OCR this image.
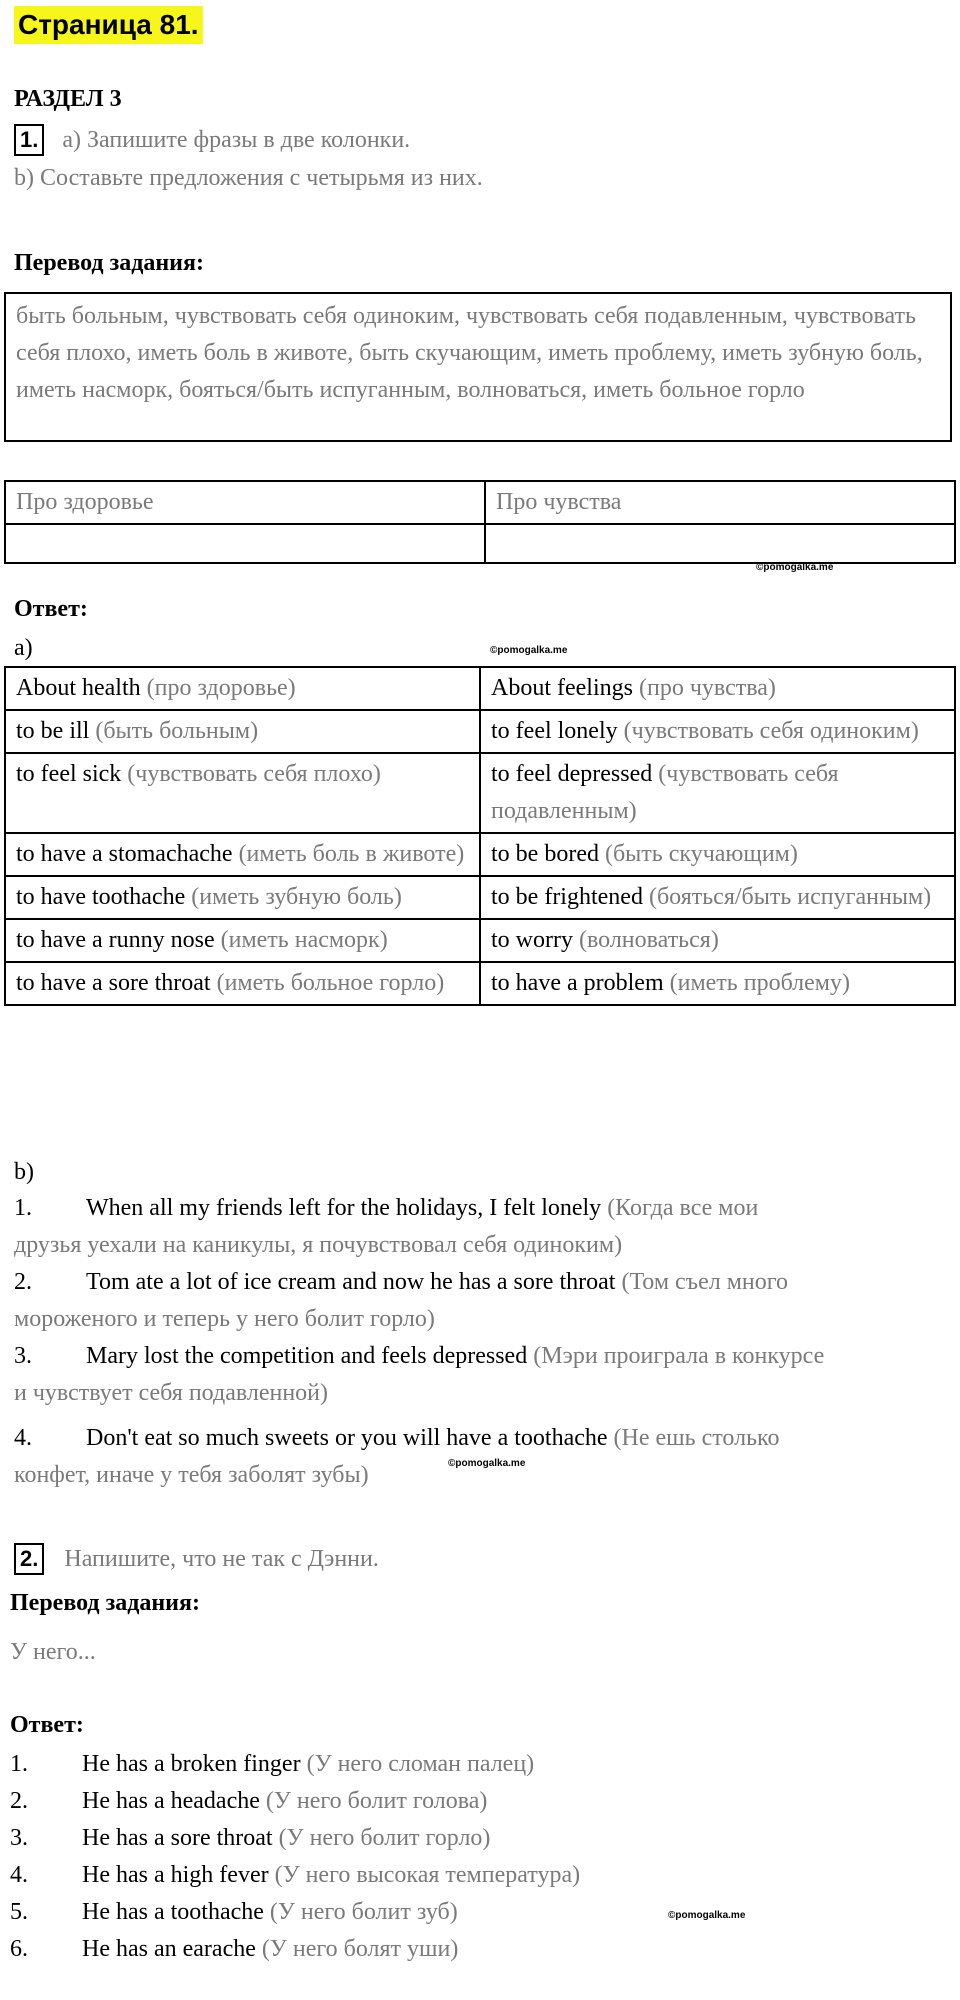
Страница 81.
РАЗДЕЛ 3
1. a) Запишите фразы в две колонки.
b) Составьте предложения с четырьмя из них.
Перевод задания:
быть больным, чувствовать себя одиноким, чувствовать себя подавленным, чувствовать себя плохо, иметь боль в животе, быть скучающим, иметь проблему, иметь зубную боль, иметь насморк, бояться/быть испуганным, волноваться, иметь больное горло
Про здоровье	Про чувства

©pomogalka.me
Ответ:
a)	©pomogalka.me
About health (про здоровье)	About feelings (про чувства)
to be ill (быть больным)	to feel lonely (чувствовать себя одиноким)
to feel sick (чувствовать себя плохо)	to feel depressed (чувствовать себя подавленным)
to have a stomachache (иметь боль в животе)	to be bored (быть скучающим)
to have toothache (иметь зубную боль)	to be frightened (бояться/быть испуганным)
to have a runny nose (иметь насморк)	to worry (волноваться)
to have a sore throat (иметь больное горло)	to have a problem (иметь проблему)
b)
1. When all my friends left for the holidays, I felt lonely (Когда все мои
друзья уехали на каникулы, я почувствовал себя одиноким)
2. Tom ate a lot of ice cream and now he has a sore throat (Том съел много
мороженого и теперь у него болит горло)
3. Mary lost the competition and feels depressed (Мэри проиграла в конкурсе
и чувствует себя подавленной)
4. Don't eat so much sweets or you will have a toothache (Не ешь столько
конфет, иначе у тебя заболят зубы)	©pomogalka.me
2. Напишите, что не так с Дэнни.
Перевод задания:
У него...
Ответ:
1. He has a broken finger (У него сломан палец)
2. He has a headache (У него болит голова)
3. He has a sore throat (У него болит горло)
4. He has a high fever (У него высокая температура)
5. He has a toothache (У него болит зуб)
6. He has an earache (У него болят уши)
©pomogalka.me
